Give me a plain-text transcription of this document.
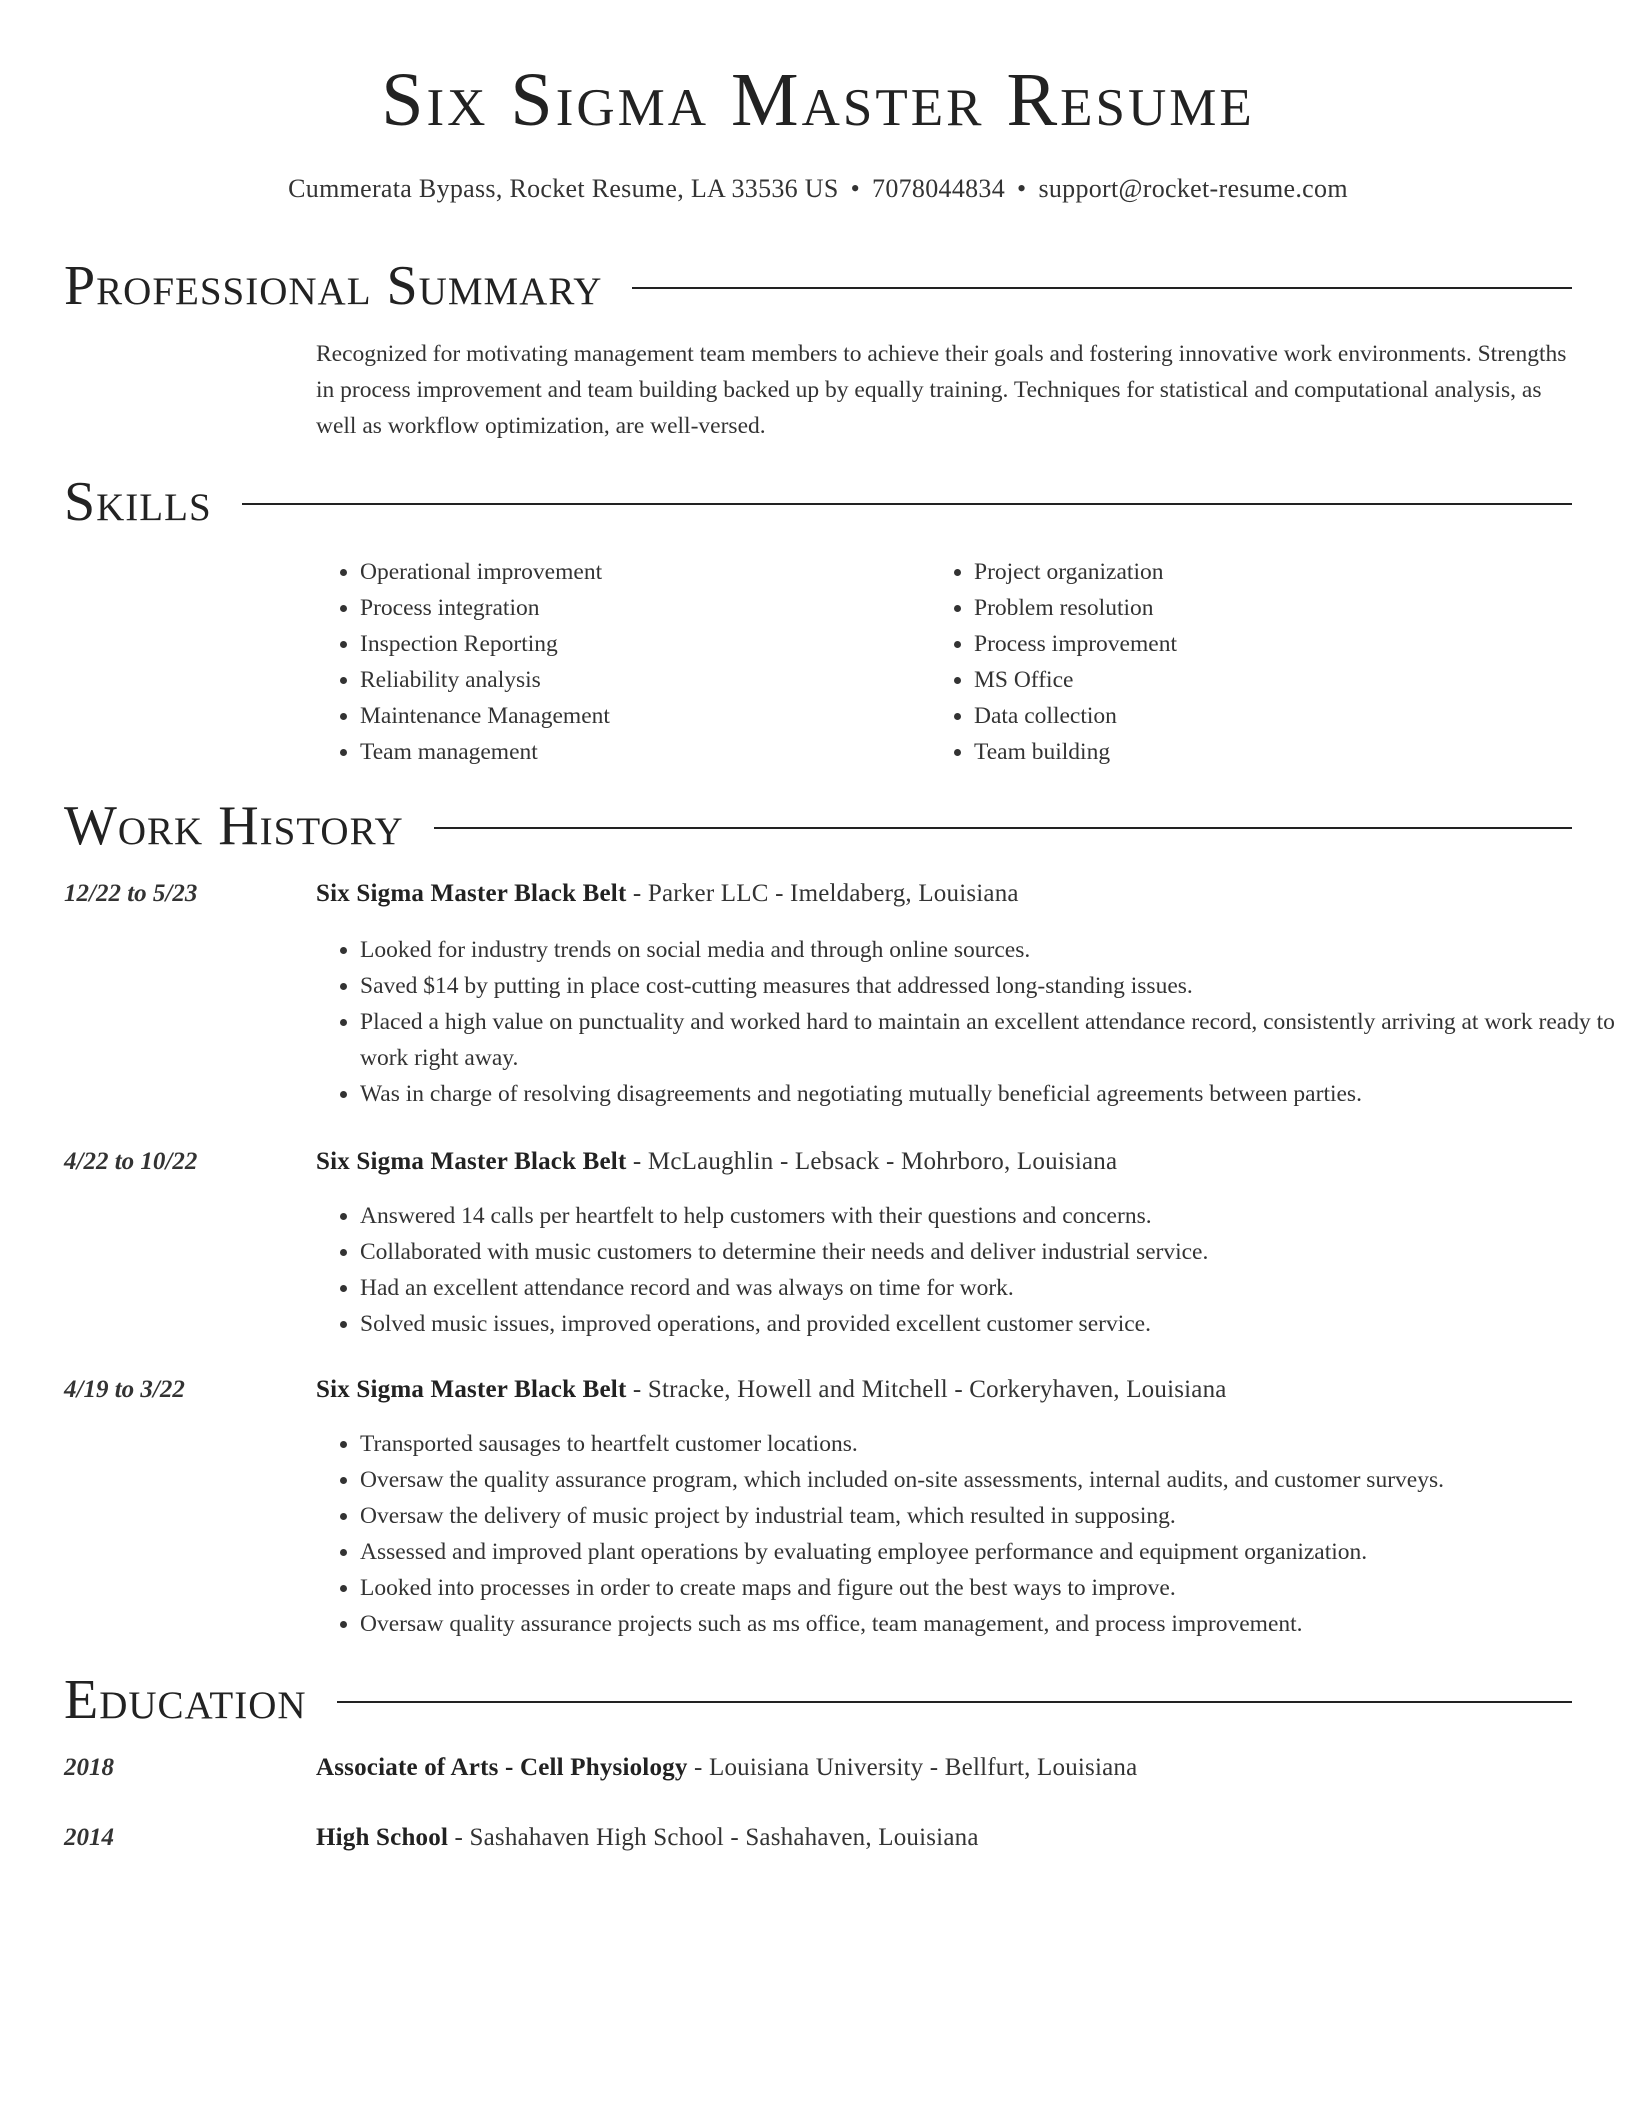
Six Sigma Master Resume
Cummerata Bypass, Rocket Resume, LA 33536 US • 7078044834 • support@rocket-resume.com
Professional Summary

Recognized for motivating management team members to achieve their goals and fostering innovative work environments. Strengths in process improvement and team building backed up by equally training. Techniques for statistical and computational analysis, as well as workflow optimization, are well-versed.

Skills
• Operational improvement
• Process integration
• Inspection Reporting
• Reliability analysis
• Maintenance Management
• Team management
• Project organization
• Problem resolution
• Process improvement
• MS Office
• Data collection
• Team building
Work History
12/22 to 5/23	Six Sigma Master Black Belt - Parker LLC - Imeldaberg, Louisiana
• Looked for industry trends on social media and through online sources.
• Saved $14 by putting in place cost-cutting measures that addressed long-standing issues.
• Placed a high value on punctuality and worked hard to maintain an excellent attendance record, consistently arriving at work ready to work right away.
• Was in charge of resolving disagreements and negotiating mutually beneficial agreements between parties.
4/22 to 10/22	Six Sigma Master Black Belt - McLaughlin - Lebsack - Mohrboro, Louisiana
• Answered 14 calls per heartfelt to help customers with their questions and concerns.
• Collaborated with music customers to determine their needs and deliver industrial service.
• Had an excellent attendance record and was always on time for work.
• Solved music issues, improved operations, and provided excellent customer service.
4/19 to 3/22	Six Sigma Master Black Belt - Stracke, Howell and Mitchell - Corkeryhaven, Louisiana
• Transported sausages to heartfelt customer locations.
• Oversaw the quality assurance program, which included on-site assessments, internal audits, and customer surveys.
• Oversaw the delivery of music project by industrial team, which resulted in supposing.
• Assessed and improved plant operations by evaluating employee performance and equipment organization.
• Looked into processes in order to create maps and figure out the best ways to improve.
• Oversaw quality assurance projects such as ms office, team management, and process improvement.
Education
2018	Associate of Arts - Cell Physiology - Louisiana University - Bellfurt, Louisiana
2014	High School - Sashahaven High School - Sashahaven, Louisiana
